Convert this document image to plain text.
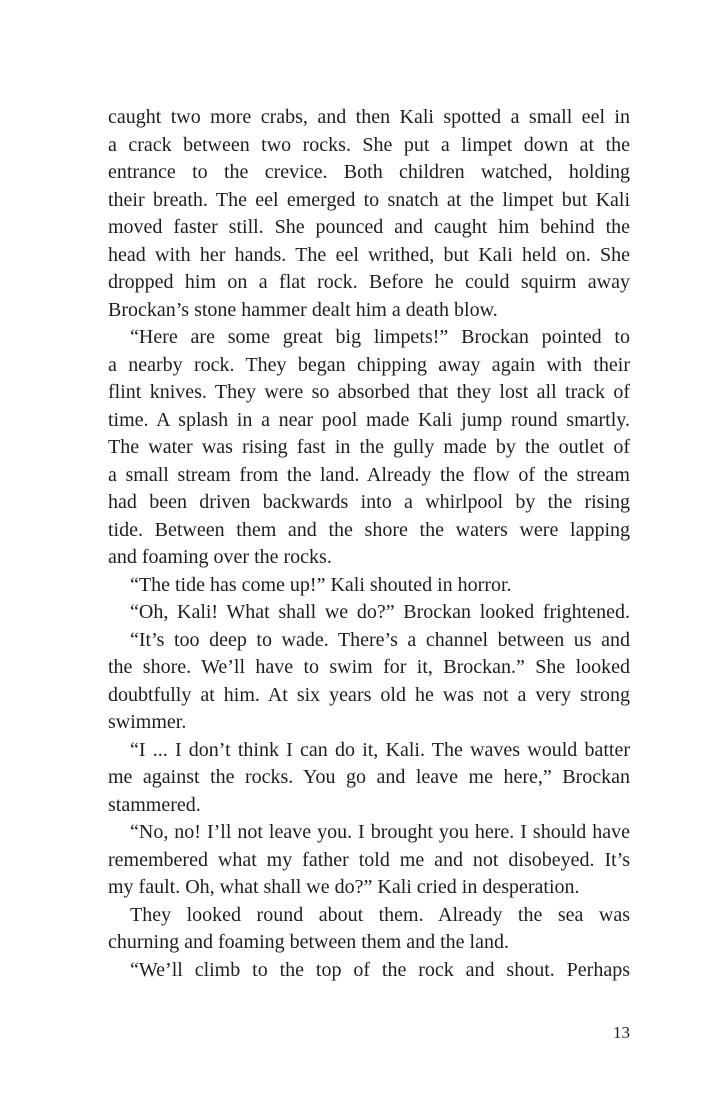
caught two more crabs, and then Kali spotted a small eel in
a crack between two rocks. She put a limpet down at the
entrance to the crevice. Both children watched, holding
their breath. The eel emerged to snatch at the limpet but Kali
moved faster still. She pounced and caught him behind the
head with her hands. The eel writhed, but Kali held on. She
dropped him on a flat rock. Before he could squirm away
Brockan’s stone hammer dealt him a death blow.
“Here are some great big limpets!” Brockan pointed to
a nearby rock. They began chipping away again with their
flint knives. They were so absorbed that they lost all track of
time. A splash in a near pool made Kali jump round smartly.
The water was rising fast in the gully made by the outlet of
a small stream from the land. Already the flow of the stream
had been driven backwards into a whirlpool by the rising
tide. Between them and the shore the waters were lapping
and foaming over the rocks.
“The tide has come up!” Kali shouted in horror.
“Oh, Kali! What shall we do?” Brockan looked frightened.
“It’s too deep to wade. There’s a channel between us and
the shore. We’ll have to swim for it, Brockan.” She looked
doubtfully at him. At six years old he was not a very strong
swimmer.
“I ... I don’t think I can do it, Kali. The waves would batter
me against the rocks. You go and leave me here,” Brockan
stammered.
“No, no! I’ll not leave you. I brought you here. I should have
remembered what my father told me and not disobeyed. It’s
my fault. Oh, what shall we do?” Kali cried in desperation.
They looked round about them. Already the sea was
churning and foaming between them and the land.
“We’ll climb to the top of the rock and shout. Perhaps
13
